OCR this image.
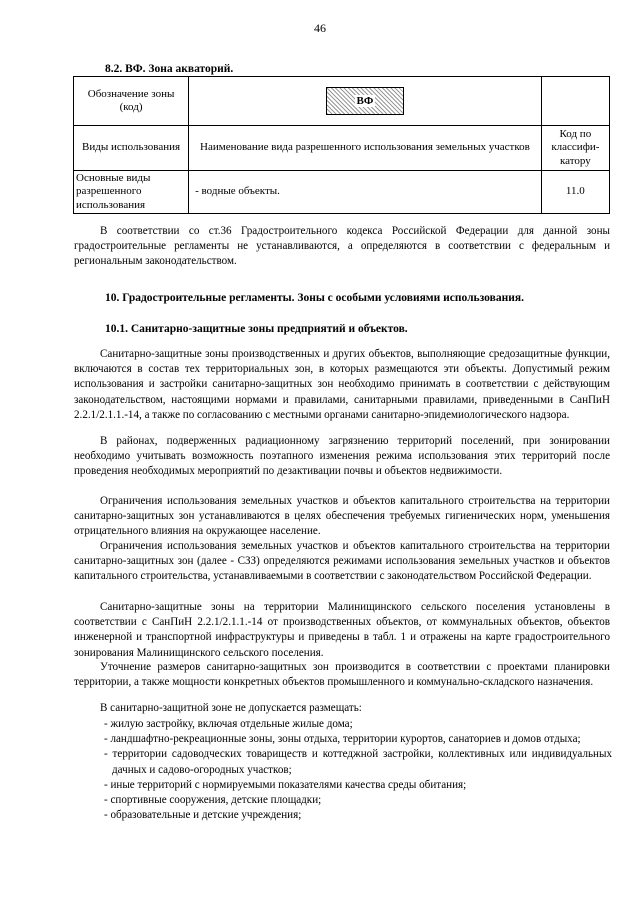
46
8.2. ВФ. Зона акваторий.
Обозначение зоны (код)	ВФ	
Виды использования	Наименование вида разрешенного использования земельных участков	Код по классифи-катору
Основные виды разрешенного использования	- водные объекты.	11.0

В соответствии со ст.36 Градостроительного кодекса Российской Федерации для данной зоны градостроительные регламенты не устанавливаются, а определяются в соответствии с федеральным и региональным законодательством.

10. Градостроительные регламенты. Зоны с особыми условиями использования.

10.1. Санитарно-защитные зоны предприятий и объектов.

Санитарно-защитные зоны производственных и других объектов, выполняющие средозащитные функции, включаются в состав тех территориальных зон, в которых размещаются эти объекты. Допустимый режим использования и застройки санитарно-защитных зон необходимо принимать в соответствии с действующим законодательством, настоящими нормами и правилами, санитарными правилами, приведенными в СанПиН 2.2.1/2.1.1.-14, а также по согласованию с местными органами санитарно-эпидемиологического надзора.

В районах, подверженных радиационному загрязнению территорий поселений, при зонировании необходимо учитывать возможность поэтапного изменения режима использования этих территорий после проведения необходимых мероприятий по дезактивации почвы и объектов недвижимости.

Ограничения использования земельных участков и объектов капитального строительства на территории санитарно-защитных зон устанавливаются в целях обеспечения требуемых гигиенических норм, уменьшения отрицательного влияния на окружающее население.

Ограничения использования земельных участков и объектов капитального строительства на территории санитарно-защитных зон (далее - СЗЗ) определяются режимами использования земельных участков и объектов капитального строительства, устанавливаемыми в соответствии с законодательством Российской Федерации.

Санитарно-защитные зоны на территории Малинищинского сельского поселения установлены в соответствии с СанПиН 2.2.1/2.1.1.-14 от производственных объектов, от коммунальных объектов, объектов инженерной и транспортной инфраструктуры и приведены в табл. 1 и отражены на карте градостроительного зонирования Малинищинского сельского поселения.

Уточнение размеров санитарно-защитных зон производится в соответствии с проектами планировки территории, а также мощности конкретных объектов промышленного и коммунально-складского назначения.

В санитарно-защитной зоне не допускается размещать:

- жилую застройку, включая отдельные жилые дома;
- ландшафтно-рекреационные зоны, зоны отдыха, территории курортов, санаториев и домов отдыха;
- территории садоводческих товариществ и коттеджной застройки, коллективных или индивидуальных дачных и садово-огородных участков;
- иные территорий с нормируемыми показателями качества среды обитания;
- спортивные сооружения, детские площадки;
- образовательные и детские учреждения;
